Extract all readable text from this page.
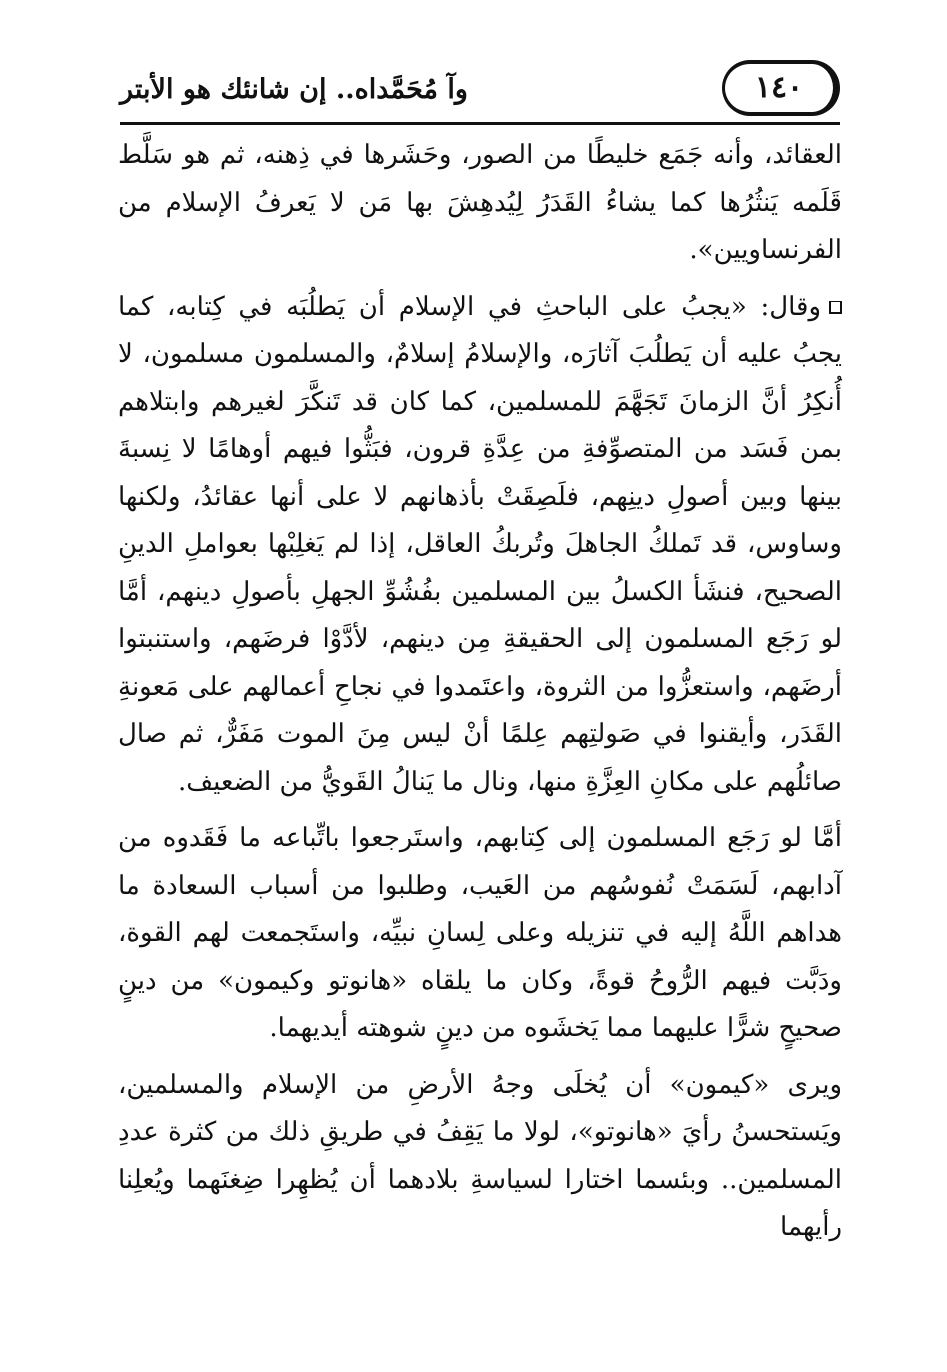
وآ مُحَمَّداه.. إن شانئك هو الأبتر	١٤٠

العقائد، وأنه جَمَع خليطًا من الصور، وحَشَرها في ذِهنه، ثم هو سَلَّط قَلَمه يَنثُرُها كما يشاءُ القَدَرُ لِيُدهِشَ بها مَن لا يَعرفُ الإسلام من الفرنساويين».

وقال: «يجبُ على الباحثِ في الإسلام أن يَطلُبَه في كِتابه، كما يجبُ عليه أن يَطلُبَ آثارَه، والإسلامُ إسلامٌ، والمسلمون مسلمون، لا أُنكِرُ أنَّ الزمانَ تَجَهَّمَ للمسلمين، كما كان قد تَنكَّرَ لغيرهم وابتلاهم بمن فَسَد من المتصوِّفةِ من عِدَّةِ قرون، فبَثُّوا فيهم أوهامًا لا نِسبةَ بينها وبين أصولِ دينِهم، فلَصِقَتْ بأذهانهم لا على أنها عقائدُ، ولكنها وساوس، قد تَملكُ الجاهلَ وتُربكُ العاقل، إذا لم يَغلِبْها بعواملِ الدينِ الصحيح، فنشَأ الكسلُ بين المسلمين بفُشُوِّ الجهلِ بأصولِ دينهم، أمَّا لو رَجَع المسلمون إلى الحقيقةِ مِن دينهم، لأدَّوْا فرضَهم، واستنبتوا أرضَهم، واستعزُّوا من الثروة، واعتَمدوا في نجاحِ أعمالهم على مَعونةِ القَدَر، وأيقنوا في صَولتِهم عِلمًا أنْ ليس مِنَ الموت مَفَرٌّ، ثم صال صائلُهم على مكانِ العِزَّةِ منها، ونال ما يَنالُ القَويُّ من الضعيف.

أمَّا لو رَجَع المسلمون إلى كِتابهم، واستَرجعوا باتِّباعه ما فَقَدوه من آدابهم، لَسَمَتْ نُفوسُهم من العَيب، وطلبوا من أسباب السعادة ما هداهم اللَّهُ إليه في تنزيله وعلى لِسانِ نبيِّه، واستَجمعت لهم القوة، ودَبَّت فيهم الرُّوحُ قوةً، وكان ما يلقاه «هانوتو وكيمون» من دينٍ صحيحٍ شرًّا عليهما مما يَخشَوه من دينٍ شوهته أيديهما.

ويرى «كيمون» أن يُخلَى وجهُ الأرضِ من الإسلام والمسلمين، ويَستحسنُ رأيَ «هانوتو»، لولا ما يَقِفُ في طريقِ ذلك من كثرة عددِ المسلمين.. وبئسما اختارا لسياسةِ بلادهما أن يُظهِرا ضِغنَهما ويُعلِنا رأيهما
